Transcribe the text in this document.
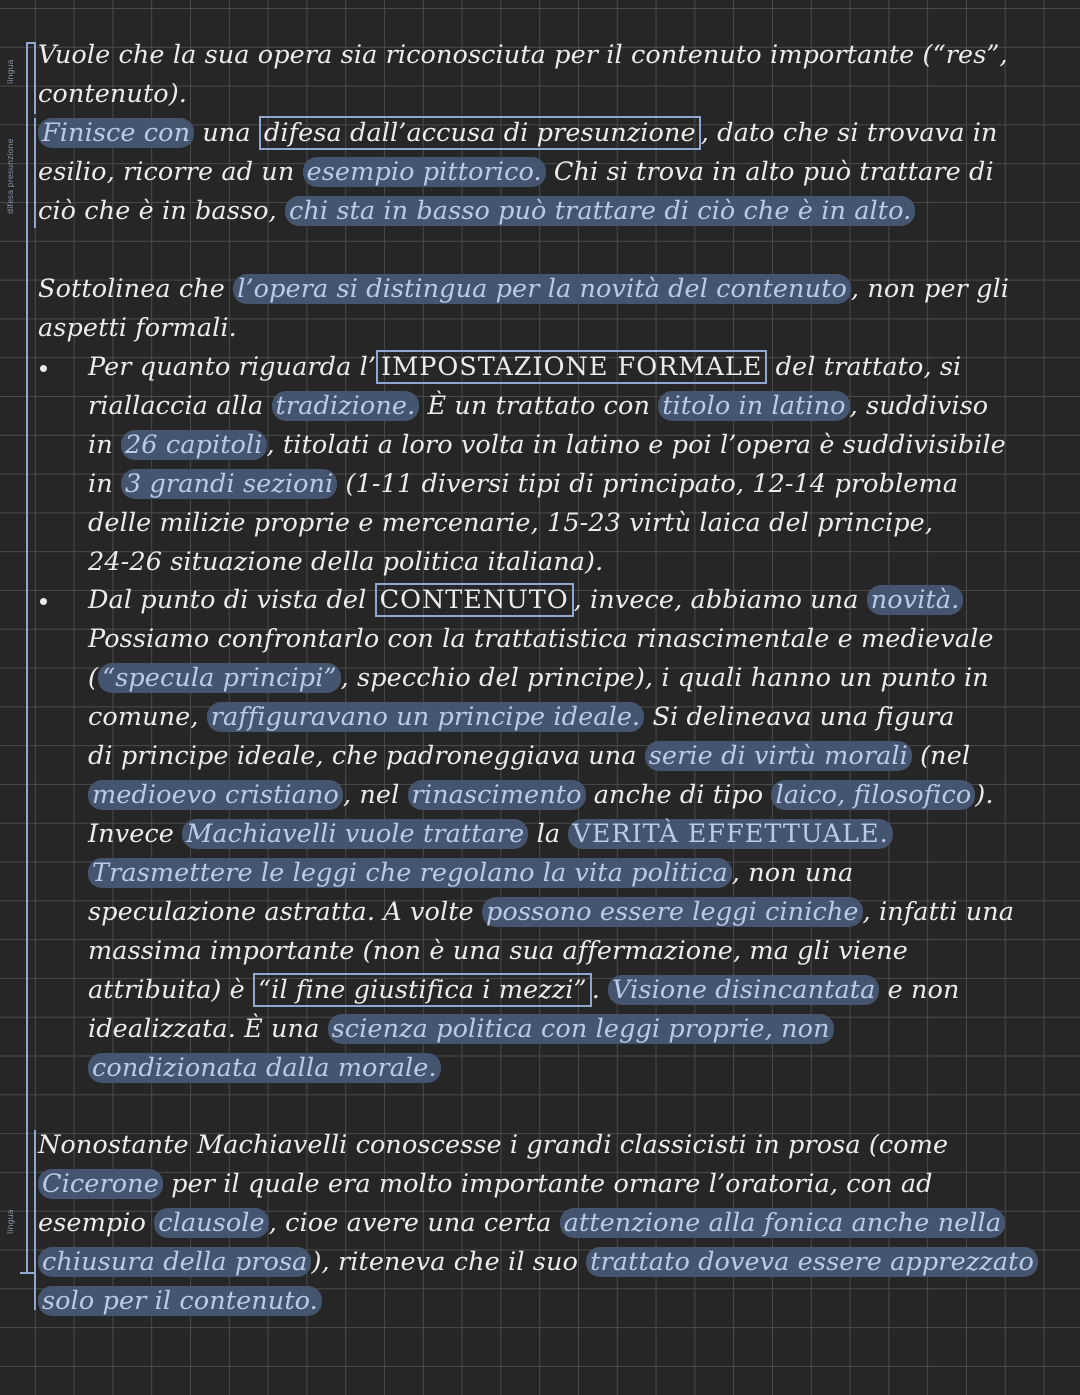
lingua
difesa presunzione
lingua
Vuole che la sua opera sia riconosciuta per il contenuto importante (“res”,
contenuto).
Finisce con una difesa dall’accusa di presunzione , dato che si trovava in
esilio, ricorre ad un esempio pittorico. Chi si trova in alto può trattare di
ciò che è in basso, chi sta in basso può trattare di ciò che è in alto.
Sottolinea che l’opera si distingua per la novità del contenuto , non per gli
aspetti formali.
Per quanto riguarda l’ IMPOSTAZIONE FORMALE del trattato, si
riallaccia alla tradizione. È un trattato con titolo in latino , suddiviso
in 26 capitoli , titolati a loro volta in latino e poi l’opera è suddivisibile
in 3 grandi sezioni (1-11 diversi tipi di principato, 12-14 problema
delle milizie proprie e mercenarie, 15-23 virtù laica del principe,
24-26 situazione della politica italiana).
Dal punto di vista del CONTENUTO , invece, abbiamo una novità.
Possiamo confrontarlo con la trattatistica rinascimentale e medievale
( “specula principi” , specchio del principe), i quali hanno un punto in
comune, raffiguravano un principe ideale. Si delineava una figura
di principe ideale, che padroneggiava una serie di virtù morali (nel
medioevo cristiano , nel rinascimento anche di tipo laico, filosofico ).
Invece Machiavelli vuole trattare la VERITÀ EFFETTUALE.
Trasmettere le leggi che regolano la vita politica , non una
speculazione astratta. A volte possono essere leggi ciniche , infatti una
massima importante (non è una sua affermazione, ma gli viene
attribuita) è “il fine giustifica i mezzi” . Visione disincantata e non
idealizzata. È una scienza politica con leggi proprie, non
condizionata dalla morale.
Nonostante Machiavelli conoscesse i grandi classicisti in prosa (come
Cicerone per il quale era molto importante ornare l’oratoria, con ad
esempio clausole , cioe avere una certa attenzione alla fonica anche nella
chiusura della prosa ), riteneva che il suo trattato doveva essere apprezzato
solo per il contenuto.
